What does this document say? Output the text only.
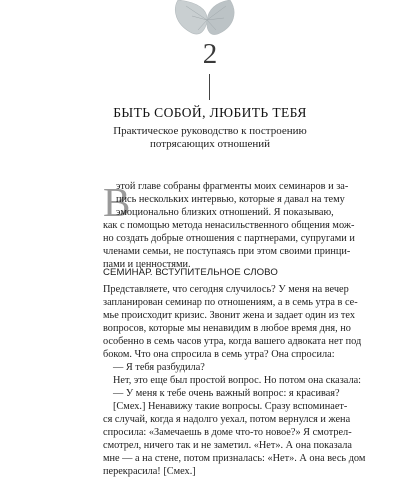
2
БЫТЬ СОБОЙ, ЛЮБИТЬ ТЕБЯ
Практическое руководство к построению
потрясающих отношений
В
этой главе собраны фрагменты моих семинаров и за-
пись нескольких интервью, которые я давал на тему
эмоционально близких отношений. Я показываю,
как с помощью метода ненасильственного общения мож-
но создать добрые отношения с партнерами, супругами и
членами семьи, не поступаясь при этом своими принци-
пами и ценностями.
СЕМИНАР. ВСТУПИТЕЛЬНОЕ СЛОВО
Представляете, что сегодня случилось? У меня на вечер
запланирован семинар по отношениям, а в семь утра в се-
мье происходит кризис. Звонит жена и задает один из тех
вопросов, которые мы ненавидим в любое время дня, но
особенно в семь часов утра, когда вашего адвоката нет под
боком. Что она спросила в семь утра? Она спросила:
— Я тебя разбудила?
Нет, это еще был простой вопрос. Но потом она сказала:
— У меня к тебе очень важный вопрос: я красивая?
[Смех.] Ненавижу такие вопросы. Сразу вспоминает-
ся случай, когда я надолго уехал, потом вернулся и жена
спросила: «Замечаешь в доме что-то новое?» Я смотрел-
смотрел, ничего так и не заметил. «Нет». А она показала
мне — а на стене, потом призналась: «Нет». А она весь дом
перекрасила! [Смех.]
